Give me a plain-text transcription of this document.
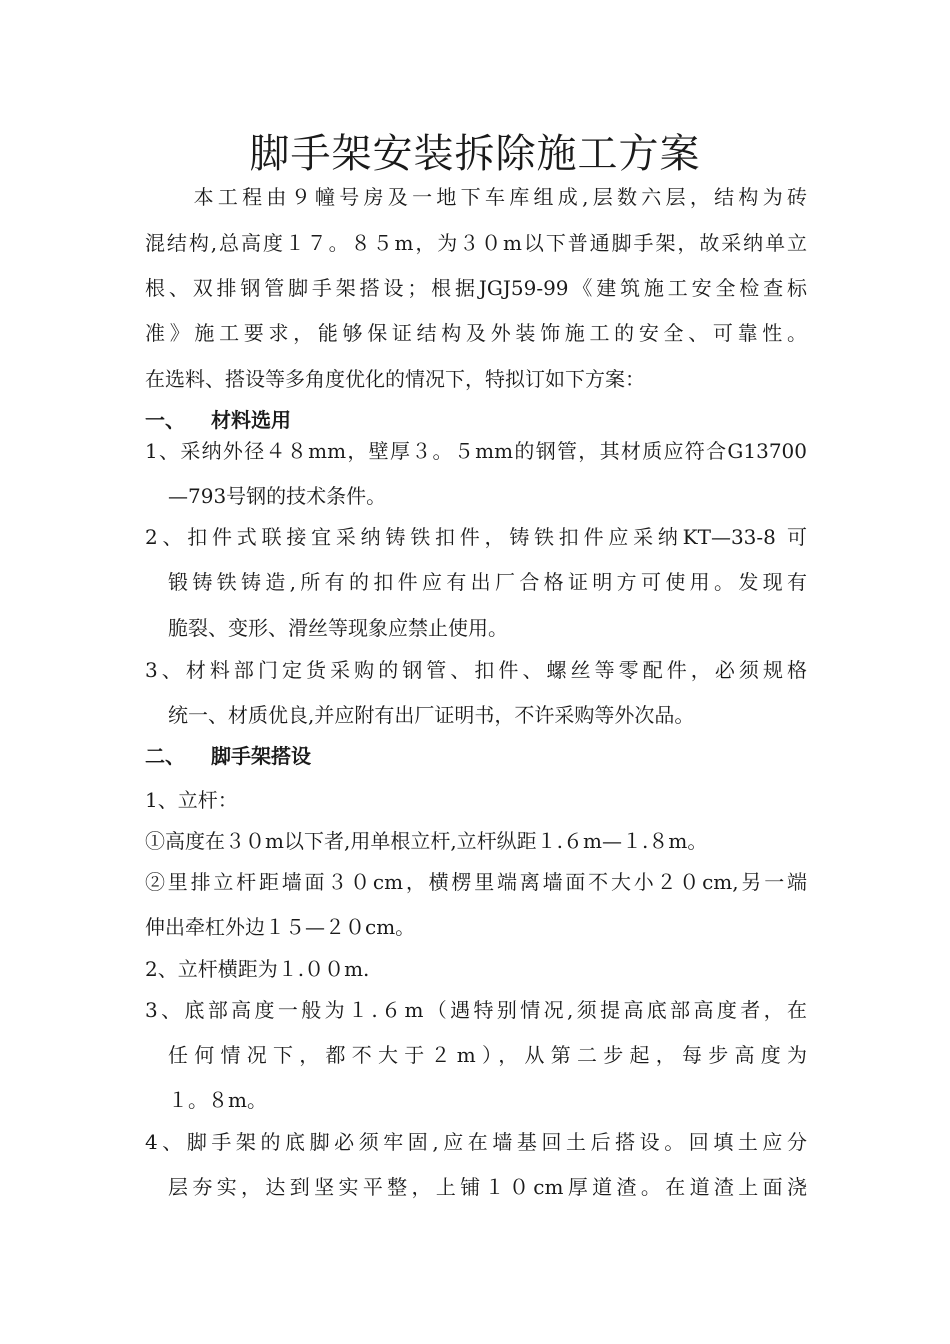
脚手架安装拆除施工方案
　　本工程由９幢号房及一地下车库组成,层数六层，结构为砖
混结构,总高度１７。８５m，为３０m以下普通脚手架，故采纳单立
根、双排钢管脚手架搭设；根据JGJ59-99《建筑施工安全检查标
准》施工要求，能够保证结构及外装饰施工的安全、可靠性。
在选料、搭设等多角度优化的情况下，特拟订如下方案：
一、 材料选用
1、采纳外径４８mm，壁厚３。５mm的钢管，其材质应符合G13700
—793号钢的技术条件。
2、扣件式联接宜采纳铸铁扣件，铸铁扣件应采纳KT—33-8 可
锻铸铁铸造,所有的扣件应有出厂合格证明方可使用。发现有
脆裂、变形、滑丝等现象应禁止使用。
3、材料部门定货采购的钢管、扣件、螺丝等零配件，必须规格
统一、材质优良,并应附有出厂证明书，不许采购等外次品。
二、 脚手架搭设
1、立杆：
①高度在３０m以下者,用单根立杆,立杆纵距１.６m—１.８m。
②里排立杆距墙面３０cm，横楞里端离墙面不大小２０cm,另一端
伸出牵杠外边１５—２０cm。
2、立杆横距为１.００m.
3、底部高度一般为１.６m（遇特别情况,须提高底部高度者，在
任何情况下，都不大于２m），从第二步起，每步高度为
１。８m。
4、脚手架的底脚必须牢固,应在墙基回土后搭设。回填土应分
层夯实，达到坚实平整，上铺１０cm厚道渣。在道渣上面浇
